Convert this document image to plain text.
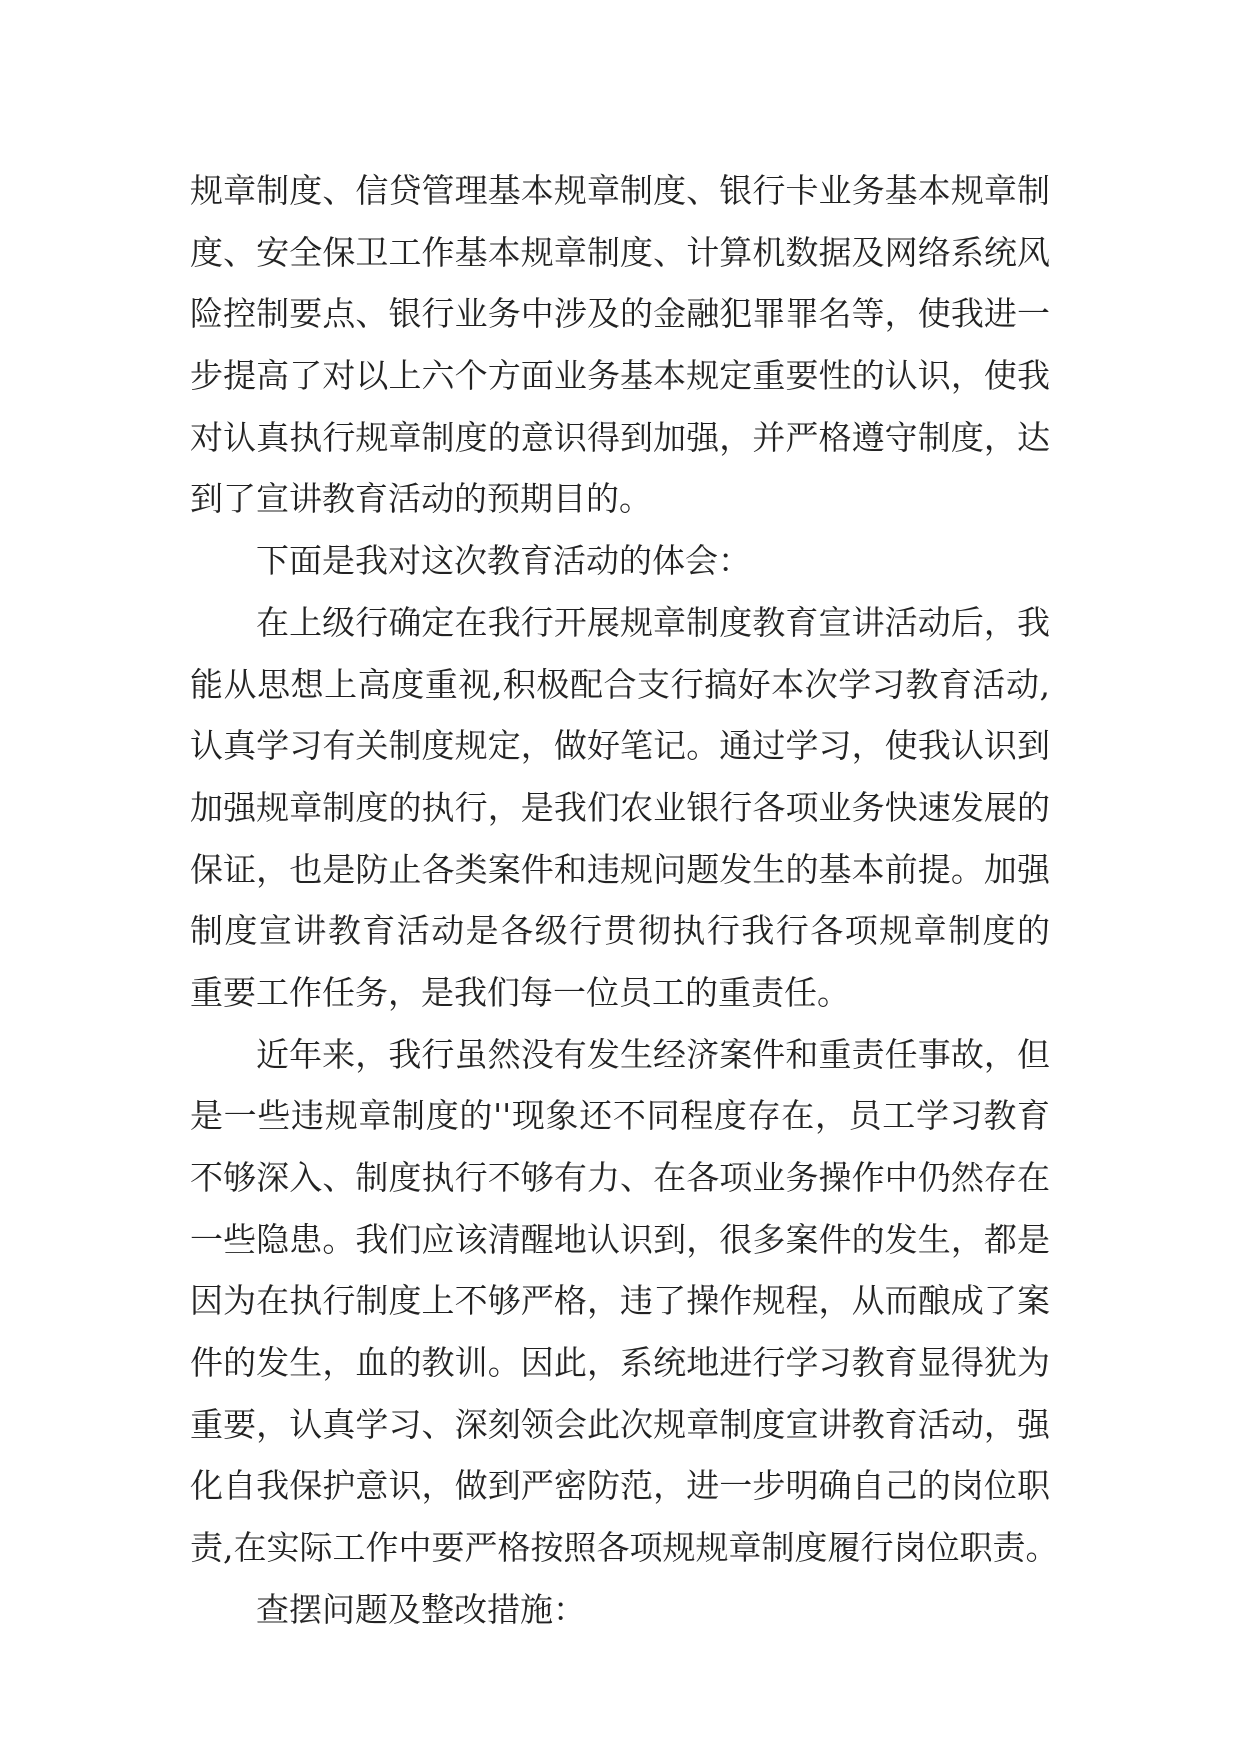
规章制度、信贷管理基本规章制度、银行卡业务基本规章制
度、安全保卫工作基本规章制度、计算机数据及网络系统风
险控制要点、银行业务中涉及的金融犯罪罪名等，使我进一
步提高了对以上六个方面业务基本规定重要性的认识，使我
对认真执行规章制度的意识得到加强，并严格遵守制度，达
到了宣讲教育活动的预期目的。
下面是我对这次教育活动的体会：
在上级行确定在我行开展规章制度教育宣讲活动后，我
能从思想上高度重视,积极配合支行搞好本次学习教育活动,
认真学习有关制度规定，做好笔记。通过学习，使我认识到
加强规章制度的执行，是我们农业银行各项业务快速发展的
保证，也是防止各类案件和违规问题发生的基本前提。加强
制度宣讲教育活动是各级行贯彻执行我行各项规章制度的
重要工作任务，是我们每一位员工的重责任。
近年来，我行虽然没有发生经济案件和重责任事故，但
是一些违规章制度的''现象还不同程度存在，员工学习教育
不够深入、制度执行不够有力、在各项业务操作中仍然存在
一些隐患。我们应该清醒地认识到，很多案件的发生，都是
因为在执行制度上不够严格，违了操作规程，从而酿成了案
件的发生，血的教训。因此，系统地进行学习教育显得犹为
重要，认真学习、深刻领会此次规章制度宣讲教育活动，强
化自我保护意识，做到严密防范，进一步明确自己的岗位职
责,在实际工作中要严格按照各项规规章制度履行岗位职责。
查摆问题及整改措施：
